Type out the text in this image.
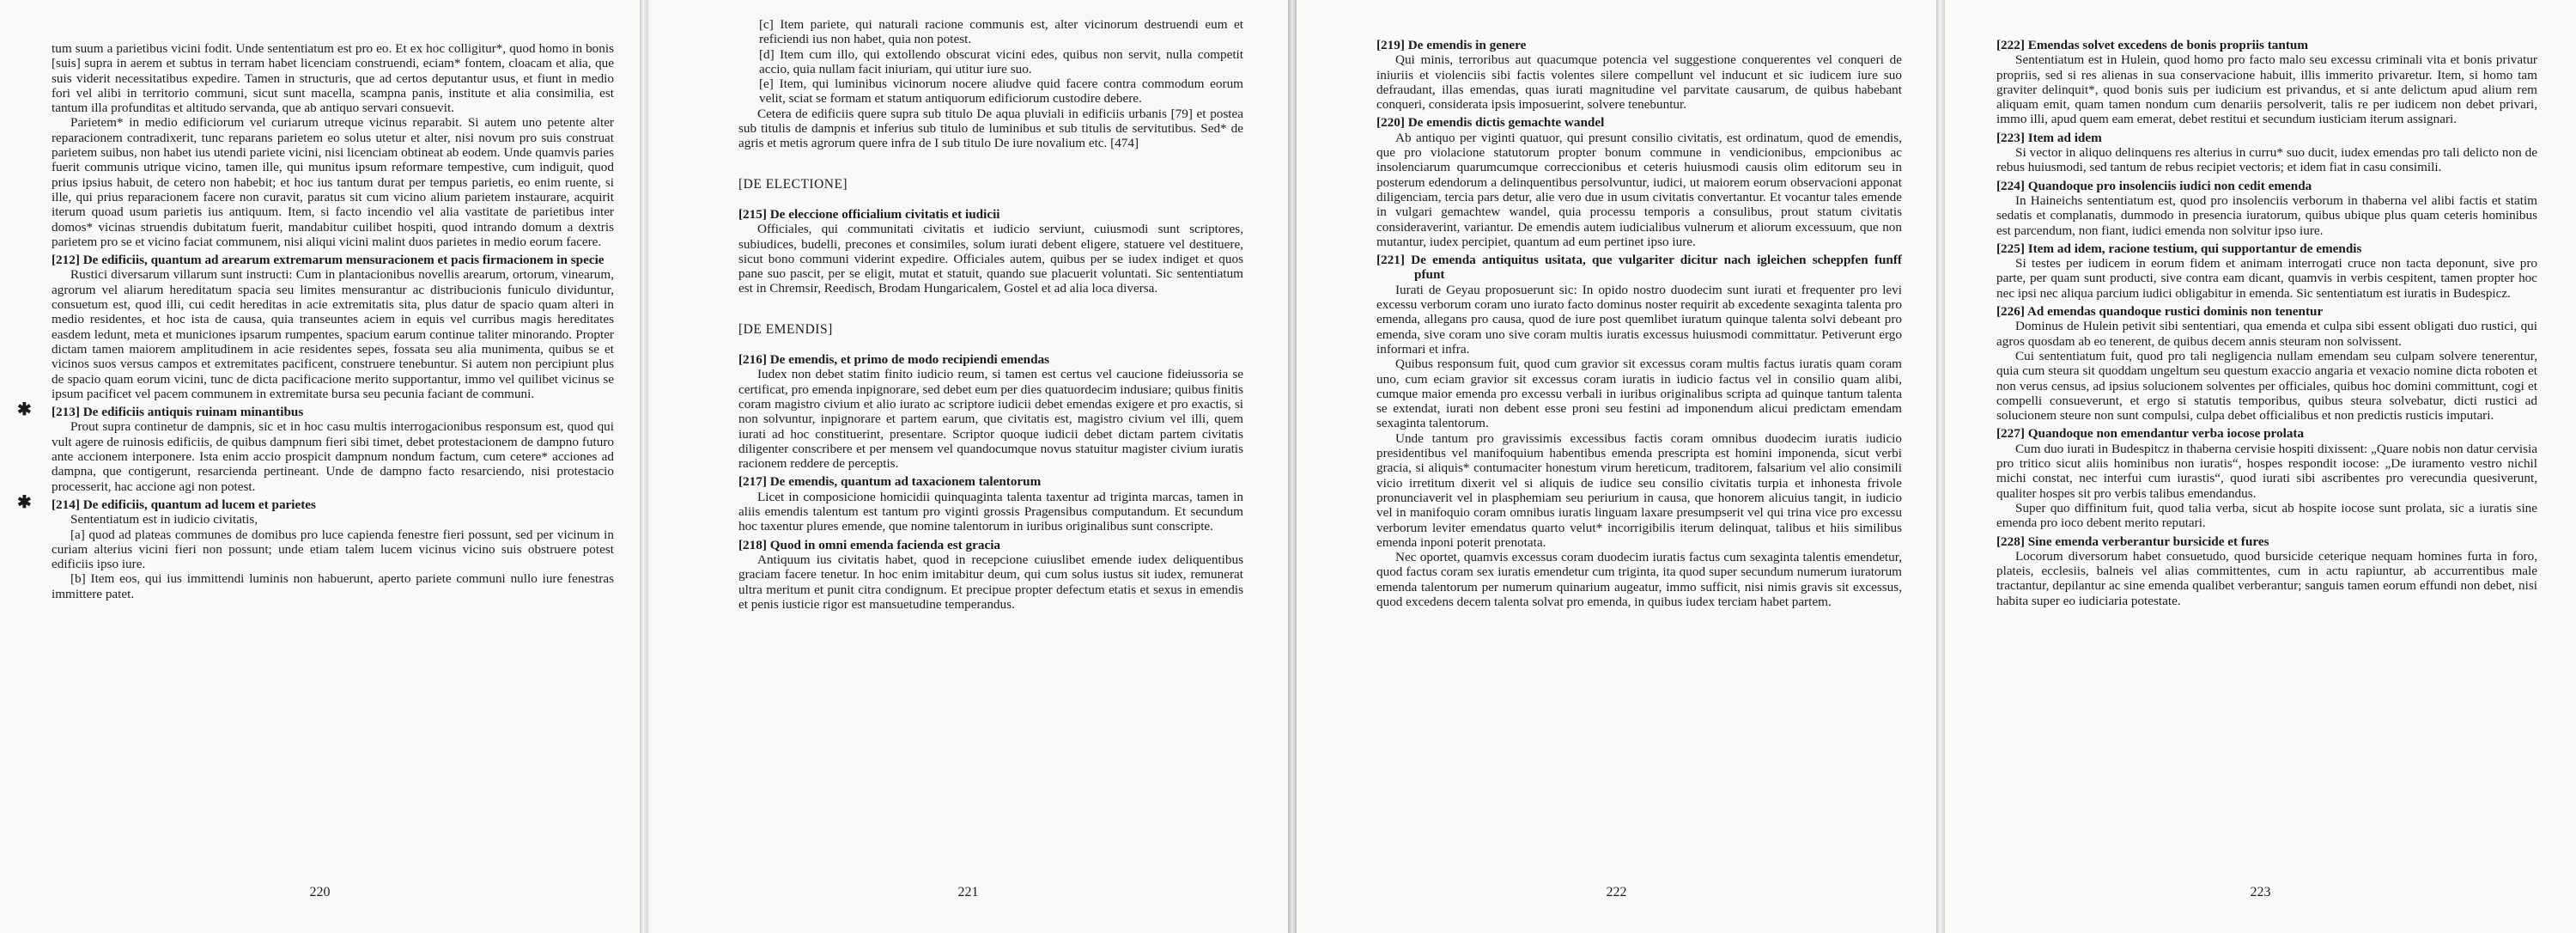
tum suum a parietibus vicini fodit. Unde sententiatum est pro eo. Et ex hoc colligitur*, quod homo in bonis [suis] supra in aerem et subtus in terram habet licenciam construendi, eciam* fontem, cloacam et alia, que suis viderit necessitatibus expedire. Tamen in structuris, que ad certos deputantur usus, et fiunt in medio fori vel alibi in territorio communi, sicut sunt macella, scampna panis, institute et alia consimilia, est tantum illa profunditas et altitudo servanda, que ab antiquo servari consuevit.

Parietem* in medio edificiorum vel curiarum utreque vicinus reparabit. Si autem uno petente alter reparacionem contradixerit, tunc reparans parietem eo solus utetur et alter, nisi novum pro suis construat parietem suibus, non habet ius utendi pariete vicini, nisi licenciam obtineat ab eodem. Unde quamvis paries fuerit communis utrique vicino, tamen ille, qui munitus ipsum reformare tempestive, cum indiguit, quod prius ipsius habuit, de cetero non habebit; et hoc ius tantum durat per tempus parietis, eo enim ruente, si ille, qui prius reparacionem facere non curavit, paratus sit cum vicino alium parietem instaurare, acquirit iterum quoad usum parietis ius antiquum. Item, si facto incendio vel alia vastitate de parietibus inter domos* vicinas struendis dubitatum fuerit, mandabitur cuilibet hospiti, quod intrando domum a dextris parietem pro se et vicino faciat communem, nisi aliqui vicini malint duos parietes in medio eorum facere.

[212] De edificiis, quantum ad arearum extremarum mensuracionem et pacis firmacionem in specie

Rustici diversarum villarum sunt instructi: Cum in plantacionibus novellis arearum, ortorum, vinearum, agrorum vel aliarum hereditatum spacia seu limites mensurantur ac distribucionis funiculo dividuntur, consuetum est, quod illi, cui cedit hereditas in acie extremitatis sita, plus datur de spacio quam alteri in medio residentes, et hoc ista de causa, quia transeuntes aciem in equis vel curribus magis hereditates easdem ledunt, meta et municiones ipsarum rumpentes, spacium earum continue taliter minorando. Propter dictam tamen maiorem amplitudinem in acie residentes sepes, fossata seu alia munimenta, quibus se et vicinos suos versus campos et extremitates pacificent, construere tenebuntur. Si autem non percipiunt plus de spacio quam eorum vicini, tunc de dicta pacificacione merito supportantur, immo vel quilibet vicinus se ipsum pacificet vel pacem communem in extremitate bursa seu pecunia faciant de communi.

✱ [213] De edificiis antiquis ruinam minantibus

Prout supra continetur de dampnis, sic et in hoc casu multis interrogacionibus responsum est, quod qui vult agere de ruinosis edificiis, de quibus dampnum fieri sibi timet, debet protestacionem de dampno futuro ante accionem interponere. Ista enim accio prospicit dampnum nondum factum, cum cetere* acciones ad dampna, que contigerunt, resarcienda pertineant. Unde de dampno facto resarciendo, nisi protestacio processerit, hac accione agi non potest.

✱ [214] De edificiis, quantum ad lucem et parietes

Sententiatum est in iudicio civitatis,

[a] quod ad plateas communes de domibus pro luce capienda fenestre fieri possunt, sed per vicinum in curiam alterius vicini fieri non possunt; unde etiam talem lucem vicinus vicino suis obstruere potest edificiis ipso iure.

[b] Item eos, qui ius immittendi luminis non habuerunt, aperto pariete communi nullo iure fenestras immittere patet.

220

[c] Item pariete, qui naturali racione communis est, alter vicinorum destruendi eum et reficiendi ius non habet, quia non potest.

[d] Item cum illo, qui extollendo obscurat vicini edes, quibus non servit, nulla competit accio, quia nullam facit iniuriam, qui utitur iure suo.

[e] Item, qui luminibus vicinorum nocere aliudve quid facere contra commodum eorum velit, sciat se formam et statum antiquorum edificiorum custodire debere.

Cetera de edificiis quere supra sub titulo De aqua pluviali in edificiis urbanis [79] et postea sub titulis de dampnis et inferius sub titulo de luminibus et sub titulis de servitutibus. Sed* de agris et metis agrorum quere infra de I sub titulo De iure novalium etc. [474]

[DE ELECTIONE]

[215] De eleccione officialium civitatis et iudicii

Officiales, qui communitati civitatis et iudicio serviunt, cuiusmodi sunt scriptores, subiudices, budelli, precones et consimiles, solum iurati debent eligere, statuere vel destituere, sicut bono communi viderint expedire. Officiales autem, quibus per se iudex indiget et quos pane suo pascit, per se eligit, mutat et statuit, quando sue placuerit voluntati. Sic sententiatum est in Chremsir, Reedisch, Brodam Hungaricalem, Gostel et ad alia loca diversa.

[DE EMENDIS]

[216] De emendis, et primo de modo recipiendi emendas

Iudex non debet statim finito iudicio reum, si tamen est certus vel caucione fideiussoria se certificat, pro emenda inpignorare, sed debet eum per dies quatuordecim indusiare; quibus finitis coram magistro civium et alio iurato ac scriptore iudicii debet emendas exigere et pro exactis, si non solvuntur, inpignorare et partem earum, que civitatis est, magistro civium vel illi, quem iurati ad hoc constituerint, presentare. Scriptor quoque iudicii debet dictam partem civitatis diligenter conscribere et per mensem vel quandocumque novus statuitur magister civium iuratis racionem reddere de perceptis.

[217] De emendis, quantum ad taxacionem talentorum

Licet in composicione homicidii quinquaginta talenta taxentur ad triginta marcas, tamen in aliis emendis talentum est tantum pro viginti grossis Pragensibus computandum. Et secundum hoc taxentur plures emende, que nomine talentorum in iuribus originalibus sunt conscripte.

[218] Quod in omni emenda facienda est gracia

Antiquum ius civitatis habet, quod in recepcione cuiuslibet emende iudex deliquentibus graciam facere tenetur. In hoc enim imitabitur deum, qui cum solus iustus sit iudex, remunerat ultra meritum et punit citra condignum. Et precipue propter defectum etatis et sexus in emendis et penis iusticie rigor est mansuetudine temperandus.

221

[219] De emendis in genere

Qui minis, terroribus aut quacumque potencia vel suggestione conquerentes vel conqueri de iniuriis et violenciis sibi factis volentes silere compellunt vel inducunt et sic iudicem iure suo defraudant, illas emendas, quas iurati magnitudine vel parvitate causarum, de quibus habebant conqueri, considerata ipsis imposuerint, solvere tenebuntur.

[220] De emendis dictis gemachte wandel

Ab antiquo per viginti quatuor, qui presunt consilio civitatis, est ordinatum, quod de emendis, que pro violacione statutorum propter bonum commune in vendicionibus, empcionibus ac insolenciarum quarumcumque correccionibus et ceteris huiusmodi causis olim editorum seu in posterum edendorum a delinquentibus persolvuntur, iudici, ut maiorem eorum observacioni apponat diligenciam, tercia pars detur, alie vero due in usum civitatis convertantur. Et vocantur tales emende in vulgari gemachtew wandel, quia processu temporis a consulibus, prout statum civitatis consideraverint, variantur. De emendis autem iudicialibus vulnerum et aliorum excessuum, que non mutantur, iudex percipiet, quantum ad eum pertinet ipso iure.

[221] De emenda antiquitus usitata, que vulgariter dicitur nach igleichen scheppfen funff pfunt

Iurati de Geyau proposuerunt sic: In opido nostro duodecim sunt iurati et frequenter pro levi excessu verborum coram uno iurato facto dominus noster requirit ab excedente sexaginta talenta pro emenda, allegans pro causa, quod de iure post quemlibet iuratum quinque talenta solvi debeant pro emenda, sive coram uno sive coram multis iuratis excessus huiusmodi committatur. Petiverunt ergo informari et infra.

Quibus responsum fuit, quod cum gravior sit excessus coram multis factus iuratis quam coram uno, cum eciam gravior sit excessus coram iuratis in iudicio factus vel in consilio quam alibi, cumque maior emenda pro excessu verbali in iuribus originalibus scripta ad quinque tantum talenta se extendat, iurati non debent esse proni seu festini ad imponendum alicui predictam emendam sexaginta talentorum.

Unde tantum pro gravissimis excessibus factis coram omnibus duodecim iuratis iudicio presidentibus vel manifoquium habentibus emenda prescripta est homini imponenda, sicut verbi gracia, si aliquis* contumaciter honestum virum hereticum, traditorem, falsarium vel alio consimili vicio irretitum dixerit vel si aliquis de iudice seu consilio civitatis turpia et inhonesta frivole pronunciaverit vel in plasphemiam seu periurium in causa, que honorem alicuius tangit, in iudicio vel in manifoquio coram omnibus iuratis linguam laxare presumpserit vel qui trina vice pro excessu verborum leviter emendatus quarto velut* incorrigibilis iterum delinquat, talibus et hiis similibus emenda inponi poterit prenotata.

Nec oportet, quamvis excessus coram duodecim iuratis factus cum sexaginta talentis emendetur, quod factus coram sex iuratis emendetur cum triginta, ita quod super secundum numerum iuratorum emenda talentorum per numerum quinarium augeatur, immo sufficit, nisi nimis gravis sit excessus, quod excedens decem talenta solvat pro emenda, in quibus iudex terciam habet partem.

222

[222] Emendas solvet excedens de bonis propriis tantum

Sententiatum est in Hulein, quod homo pro facto malo seu excessu criminali vita et bonis privatur propriis, sed si res alienas in sua conservacione habuit, illis immerito privaretur. Item, si homo tam graviter delinquit*, quod bonis suis per iudicium est privandus, et si ante delictum apud alium rem aliquam emit, quam tamen nondum cum denariis persolverit, talis re per iudicem non debet privari, immo illi, apud quem eam emerat, debet restitui et secundum iusticiam iterum assignari.

[223] Item ad idem

Si vector in aliquo delinquens res alterius in curru* suo ducit, iudex emendas pro tali delicto non de rebus huiusmodi, sed tantum de rebus recipiet vectoris; et idem fiat in casu consimili.

[224] Quandoque pro insolenciis iudici non cedit emenda

In Haineichs sententiatum est, quod pro insolenciis verborum in thaberna vel alibi factis et statim sedatis et complanatis, dummodo in presencia iuratorum, quibus ubique plus quam ceteris hominibus est parcendum, non fiant, iudici emenda non solvitur ipso iure.

[225] Item ad idem, racione testium, qui supportantur de emendis

Si testes per iudicem in eorum fidem et animam interrogati cruce non tacta deponunt, sive pro parte, per quam sunt producti, sive contra eam dicant, quamvis in verbis cespitent, tamen propter hoc nec ipsi nec aliqua parcium iudici obligabitur in emenda. Sic sententiatum est iuratis in Budespicz.

[226] Ad emendas quandoque rustici dominis non tenentur

Dominus de Hulein petivit sibi sententiari, qua emenda et culpa sibi essent obligati duo rustici, qui agros quosdam ab eo tenerent, de quibus decem annis steuram non solvissent.

Cui sententiatum fuit, quod pro tali negligencia nullam emendam seu culpam solvere tenerentur, quia cum steura sit quoddam ungeltum seu questum exaccio angaria et vexacio nomine dicta roboten et non verus census, ad ipsius solucionem solventes per officiales, quibus hoc domini committunt, cogi et compelli consueverunt, et ergo si statutis temporibus, quibus steura solvebatur, dicti rustici ad solucionem steure non sunt compulsi, culpa debet officialibus et non predictis rusticis imputari.

[227] Quandoque non emendantur verba iocose prolata

Cum duo iurati in Budespitcz in thaberna cervisie hospiti dixissent: „Quare nobis non datur cervisia pro tritico sicut aliis hominibus non iuratis“, hospes respondit iocose: „De iuramento vestro nichil michi constat, nec interfui cum iurastis“, quod iurati sibi ascribentes pro verecundia quesiverunt, qualiter hospes sit pro verbis talibus emendandus.

Super quo diffinitum fuit, quod talia verba, sicut ab hospite iocose sunt prolata, sic a iuratis sine emenda pro ioco debent merito reputari.

[228] Sine emenda verberantur bursicide et fures

Locorum diversorum habet consuetudo, quod bursicide ceterique nequam homines furta in foro, plateis, ecclesiis, balneis vel alias committentes, cum in actu rapiuntur, ab accurrentibus male tractantur, depilantur ac sine emenda qualibet verberantur; sanguis tamen eorum effundi non debet, nisi habita super eo iudiciaria potestate.

223
